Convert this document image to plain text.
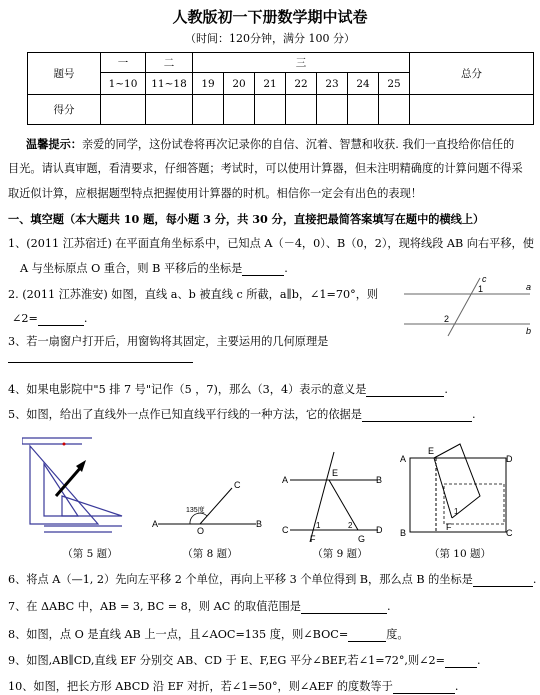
人教版初一下册数学期中试卷
（时间：120分钟，满分 100 分）
题号	一	二	三							总分
	1~10	11~18	19	20	21	22	23	24	25	
得分										
温馨提示：亲爱的同学，这份试卷将再次记录你的自信、沉着、智慧和收获. 我们一直投给你信任的
目光。请认真审题，看清要求，仔细答题；考试时，可以使用计算器，但未注明精确度的计算问题不得采
取近似计算，应根据题型特点把握使用计算器的时机。相信你一定会有出色的表现！
一、填空题（本大题共 10 题，每小题 3 分，共 30 分，直接把最简答案填写在题中的横线上）
1、(2011 江苏宿迁) 在平面直角坐标系中，已知点 A（－4，0）、B（0，2），现将线段 AB 向右平移，使
A 与坐标原点 O 重合，则 B 平移后的坐标是	.
2. (2011 江苏淮安) 如图，直线 a、b 被直线 c 所截，a∥b，∠1=70°，则
∠2=	.
a
b
c
1
2
3、若一扇窗户打开后，用窗钩将其固定，主要运用的几何原理是
4、如果电影院中"5 排 7 号"记作（5 ，7)，那么（3，4）表示的意义是	.
5、如图，给出了直线外一点作已知直线平行线的一种方法，它的依据是	.
A	B
C
O
135度
A	B
C	D
E
F	G
1	2
A	D
B	C
E
F
1
（第 5 题）	（第 8 题）	（第 9 题）	（第 10 题）
6、将点 A（—1, 2）先向左平移 2 个单位，再向上平移 3 个单位得到 B，那么点 B 的坐标是	.
7、在 ΔABC 中，AB = 3, BC = 8，则 AC 的取值范围是	.
8、如图，点 O 是直线 AB 上一点，且∠AOC=135 度，则∠BOC=	度。
9、如图,AB∥CD,直线 EF 分别交 AB、CD 于 E、F,EG 平分∠BEF,若∠1=72°,则∠2=	.
10、如图，把长方形 ABCD 沿 EF 对折，若∠1=50°，则∠AEF 的度数等于	.
